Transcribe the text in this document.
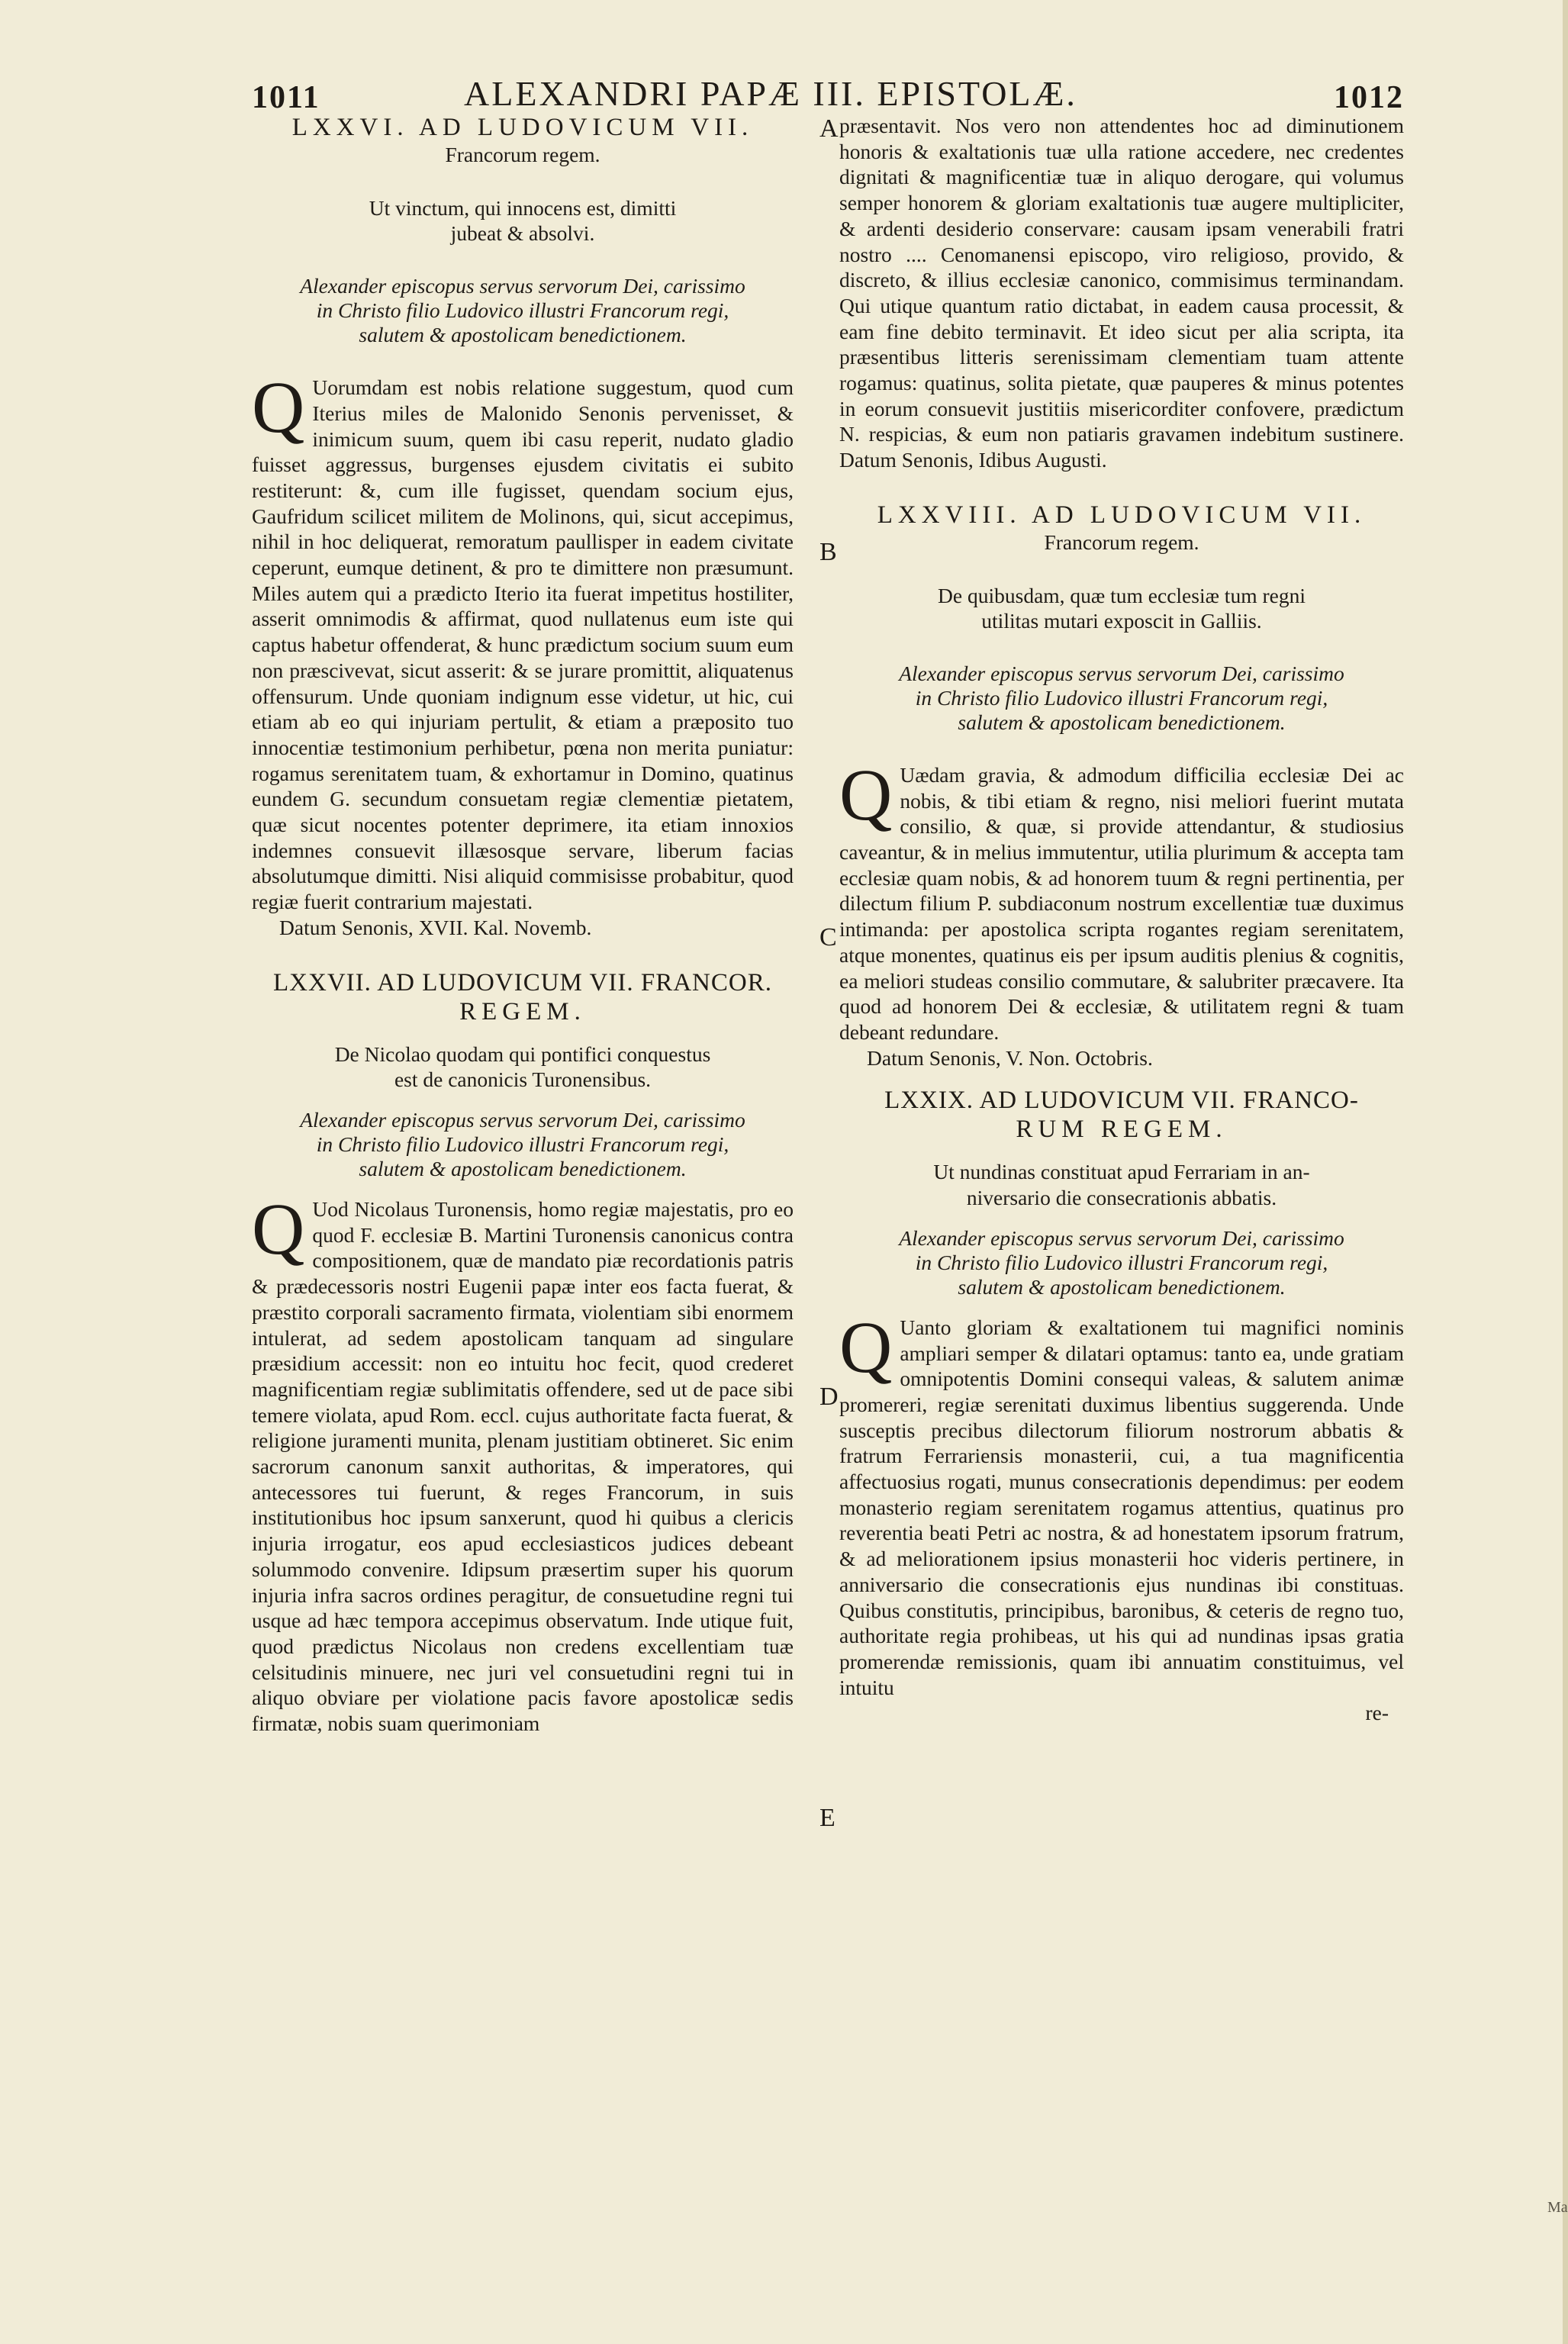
1011	ALEXANDRI PAPÆ III. EPISTOLÆ.	1012
A
B
C
D
E
LXXVI. AD LUDOVICUM VII.
Francorum regem.
Ut vinctum, qui innocens est, dimitti
jubeat & absolvi.
Alexander episcopus servus servorum Dei, carissimo
in Christo filio Ludovico illustri Francorum regi,
salutem & apostolicam benedictionem.

Q Uorumdam est nobis relatione suggestum, quod cum Iterius miles de Malonido Senonis pervenisset, & inimicum suum, quem ibi casu reperit, nudato gladio fuisset aggressus, burgenses ejusdem civitatis ei subito restiterunt: &, cum ille fugisset, quendam socium ejus, Gaufridum scilicet militem de Molinons, qui, sicut accepimus, nihil in hoc deliquerat, remoratum paullisper in eadem civitate ceperunt, eumque detinent, & pro te dimittere non præsumunt. Miles autem qui a prædicto Iterio ita fuerat impetitus hostiliter, asserit omnimodis & affirmat, quod nullatenus eum iste qui captus habetur offenderat, & hunc prædictum socium suum eum non præscivevat, sicut asserit: & se jurare promittit, aliquatenus offensurum. Unde quoniam indignum esse videtur, ut hic, cui etiam ab eo qui injuriam pertulit, & etiam a præposito tuo innocentiæ testimonium perhibetur, pœna non merita puniatur: rogamus serenitatem tuam, & exhortamur in Domino, quatinus eundem G. secundum consuetam regiæ clementiæ pietatem, quæ sicut nocentes potenter deprimere, ita etiam innoxios indemnes consuevit illæsosque servare, liberum facias absolutumque dimitti. Nisi aliquid commisisse probabitur, quod regiæ fuerit contrarium majestati.

Datum Senonis, XVII. Kal. Novemb.

LXXVII. AD LUDOVICUM VII. FRANCOR.
REGEM.
De Nicolao quodam qui pontifici conquestus
est de canonicis Turonensibus.
Alexander episcopus servus servorum Dei, carissimo
in Christo filio Ludovico illustri Francorum regi,
salutem & apostolicam benedictionem.

Q Uod Nicolaus Turonensis, homo regiæ majestatis, pro eo quod F. ecclesiæ B. Martini Turonensis canonicus contra compositionem, quæ de mandato piæ recordationis patris & prædecessoris nostri Eugenii papæ inter eos facta fuerat, & præstito corporali sacramento firmata, violentiam sibi enormem intulerat, ad sedem apostolicam tanquam ad singulare præsidium accessit: non eo intuitu hoc fecit, quod crederet magnificentiam regiæ sublimitatis offendere, sed ut de pace sibi temere violata, apud Rom. eccl. cujus authoritate facta fuerat, & religione juramenti munita, plenam justitiam obtineret. Sic enim sacrorum canonum sanxit authoritas, & imperatores, qui antecessores tui fuerunt, & reges Francorum, in suis institutionibus hoc ipsum sanxerunt, quod hi quibus a clericis injuria irrogatur, eos apud ecclesiasticos judices debeant solummodo convenire. Idipsum præsertim super his quorum injuria infra sacros ordines peragitur, de consuetudine regni tui usque ad hæc tempora accepimus observatum. Inde utique fuit, quod prædictus Nicolaus non credens excellentiam tuæ celsitudinis minuere, nec juri vel consuetudini regni tui in aliquo obviare per violatione pacis favore apostolicæ sedis firmatæ, nobis suam querimoniam

præsentavit. Nos vero non attendentes hoc ad diminutionem honoris & exaltationis tuæ ulla ratione accedere, nec credentes dignitati & magnificentiæ tuæ in aliquo derogare, qui volumus semper honorem & gloriam exaltationis tuæ augere multipliciter, & ardenti desiderio conservare: causam ipsam venerabili fratri nostro .... Cenomanensi episcopo, viro religioso, provido, & discreto, & illius ecclesiæ canonico, commisimus terminandam. Qui utique quantum ratio dictabat, in eadem causa processit, & eam fine debito terminavit. Et ideo sicut per alia scripta, ita præsentibus litteris serenissimam clementiam tuam attente rogamus: quatinus, solita pietate, quæ pauperes & minus potentes in eorum consuevit justitiis misericorditer confovere, prædictum N. respicias, & eum non patiaris gravamen indebitum sustinere. Datum Senonis, Idibus Augusti.

LXXVIII. AD LUDOVICUM VII.
Francorum regem.
De quibusdam, quæ tum ecclesiæ tum regni
utilitas mutari exposcit in Galliis.
Alexander episcopus servus servorum Dei, carissimo
in Christo filio Ludovico illustri Francorum regi,
salutem & apostolicam benedictionem.

Q Uædam gravia, & admodum difficilia ecclesiæ Dei ac nobis, & tibi etiam & regno, nisi meliori fuerint mutata consilio, & quæ, si provide attendantur, & studiosius caveantur, & in melius immutentur, utilia plurimum & accepta tam ecclesiæ quam nobis, & ad honorem tuum & regni pertinentia, per dilectum filium P. subdiaconum nostrum excellentiæ tuæ duximus intimanda: per apostolica scripta rogantes regiam serenitatem, atque monentes, quatinus eis per ipsum auditis plenius & cognitis, ea meliori studeas consilio commutare, & salubriter præcavere. Ita quod ad honorem Dei & ecclesiæ, & utilitatem regni & tuam debeant redundare.

Datum Senonis, V. Non. Octobris.

LXXIX. AD LUDOVICUM VII. FRANCO-
RUM REGEM.
Ut nundinas constituat apud Ferrariam in an-
niversario die consecrationis abbatis.
Alexander episcopus servus servorum Dei, carissimo
in Christo filio Ludovico illustri Francorum regi,
salutem & apostolicam benedictionem.

Q Uanto gloriam & exaltationem tui magnifici nominis ampliari semper & dilatari optamus: tanto ea, unde gratiam omnipotentis Domini consequi valeas, & salutem animæ promereri, regiæ serenitati duximus libentius suggerenda. Unde susceptis precibus dilectorum filiorum nostrorum abbatis & fratrum Ferrariensis monasterii, cui, a tua magnificentia affectuosius rogati, munus consecrationis dependimus: per eodem monasterio regiam serenitatem rogamus attentius, quatinus pro reverentia beati Petri ac nostra, & ad honestatem ipsorum fratrum, & ad meliorationem ipsius monasterii hoc videris pertinere, in anniversario die consecrationis ejus nundinas ibi constituas. Quibus constitutis, principibus, baronibus, & ceteris de regno tuo, authoritate regia prohibeas, ut his qui ad nundinas ipsas gratia promerendæ remissionis, quam ibi annuatim constituimus, vel intuitu

re-
Ma
